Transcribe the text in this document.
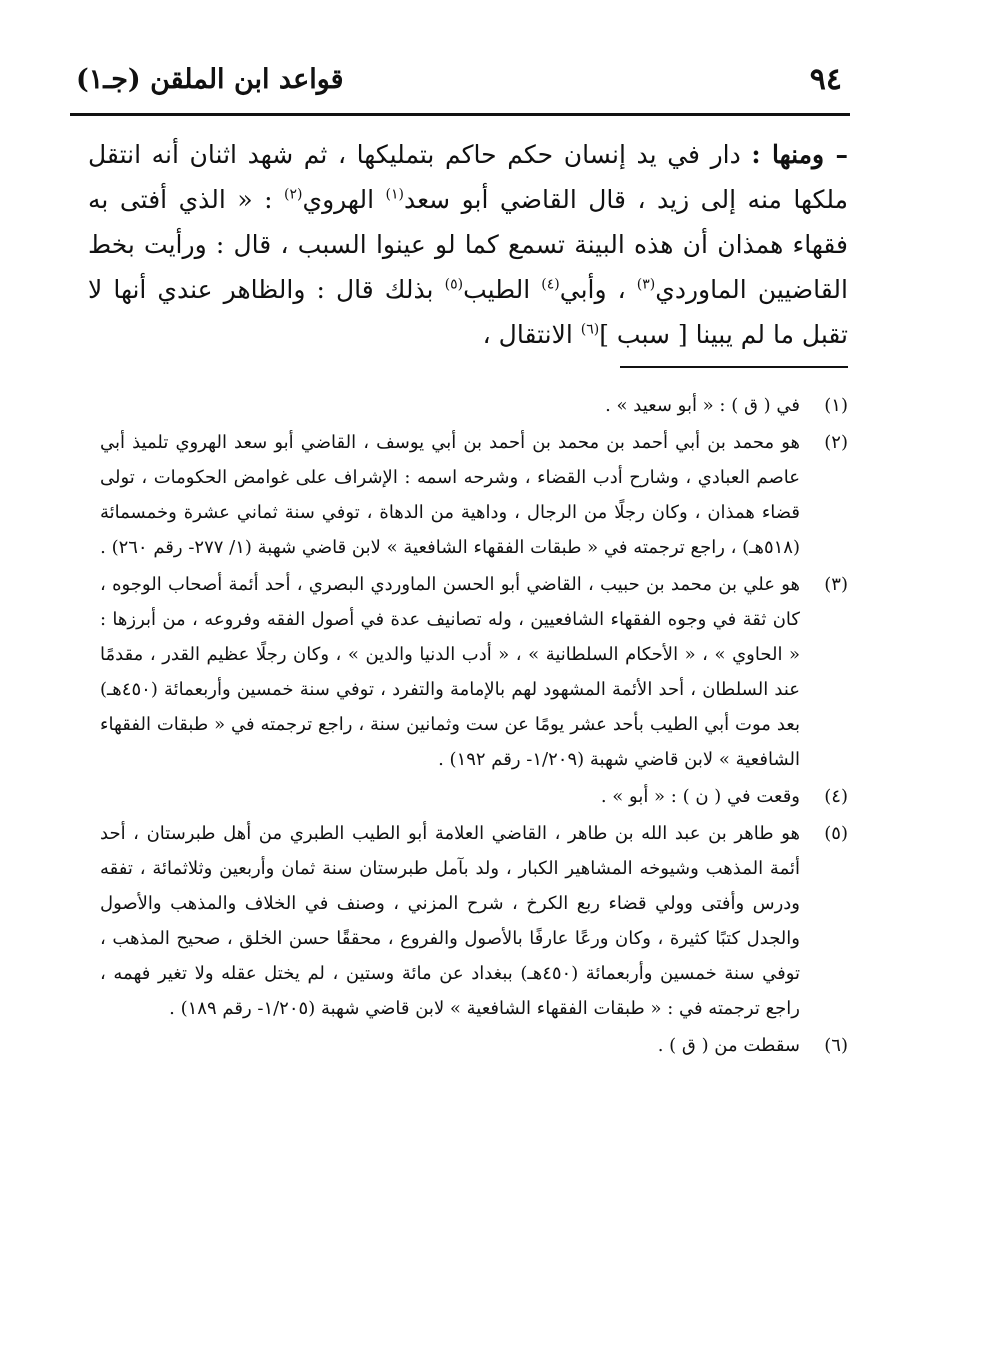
٩٤
قواعد ابن الملقن (جـ١)
– ومنها : دار في يد إنسان حكم حاكم بتمليكها ، ثم شهد اثنان أنه انتقل ملكها منه إلى زيد ، قال القاضي أبو سعد$^{(١)}$ الهروي$^{(٢)}$ : « الذي أفتى به فقهاء همذان أن هذه البينة تسمع كما لو عينوا السبب ، قال : ورأيت بخط القاضيين الماوردي$^{(٣)}$ ، وأبي$^{(٤)}$ الطيب$^{(٥)}$ بذلك قال : والظاهر عندي أنها لا تقبل ما لم يبينا [ سبب ]$^{(٦)}$ الانتقال ،
(١)
في ( ق ) : « أبو سعيد » .
(٢)
هو محمد بن أبي أحمد بن محمد بن أحمد بن أبي يوسف ، القاضي أبو سعد الهروي تلميذ أبي عاصم العبادي ، وشارح أدب القضاء ، وشرحه اسمه : الإشراف على غوامض الحكومات ، تولى قضاء همذان ، وكان رجلًا من الرجال ، وداهية من الدهاة ، توفي سنة ثماني عشرة وخمسمائة (٥١٨هـ) ، راجع ترجمته في « طبقات الفقهاء الشافعية » لابن قاضي شهبة (١/ ٢٧٧- رقم ٢٦٠) .
(٣)
هو علي بن محمد بن حبيب ، القاضي أبو الحسن الماوردي البصري ، أحد أئمة أصحاب الوجوه ، كان ثقة في وجوه الفقهاء الشافعيين ، وله تصانيف عدة في أصول الفقه وفروعه ، من أبرزها : « الحاوي » ، « الأحكام السلطانية » ، « أدب الدنيا والدين » ، وكان رجلًا عظيم القدر ، مقدمًا عند السلطان ، أحد الأئمة المشهود لهم بالإمامة والتفرد ، توفي سنة خمسين وأربعمائة (٤٥٠هـ) بعد موت أبي الطيب بأحد عشر يومًا عن ست وثمانين سنة ، راجع ترجمته في « طبقات الفقهاء الشافعية » لابن قاضي شهبة (١/٢٠٩- رقم ١٩٢) .
(٤)
وقعت في ( ن ) : « أبو » .
(٥)
هو طاهر بن عبد الله بن طاهر ، القاضي العلامة أبو الطيب الطبري من أهل طبرستان ، أحد أئمة المذهب وشيوخه المشاهير الكبار ، ولد بآمل طبرستان سنة ثمان وأربعين وثلاثمائة ، تفقه ودرس وأفتى وولي قضاء ربع الكرخ ، شرح المزني ، وصنف في الخلاف والمذهب والأصول والجدل كتبًا كثيرة ، وكان ورعًا عارفًا بالأصول والفروع ، محققًا حسن الخلق ، صحيح المذهب ، توفي سنة خمسين وأربعمائة (٤٥٠هـ) ببغداد عن مائة وستين ، لم يختل عقله ولا تغير فهمه ، راجع ترجمته في : « طبقات الفقهاء الشافعية » لابن قاضي شهبة (١/٢٠٥- رقم ١٨٩) .
(٦)
سقطت من ( ق ) .
